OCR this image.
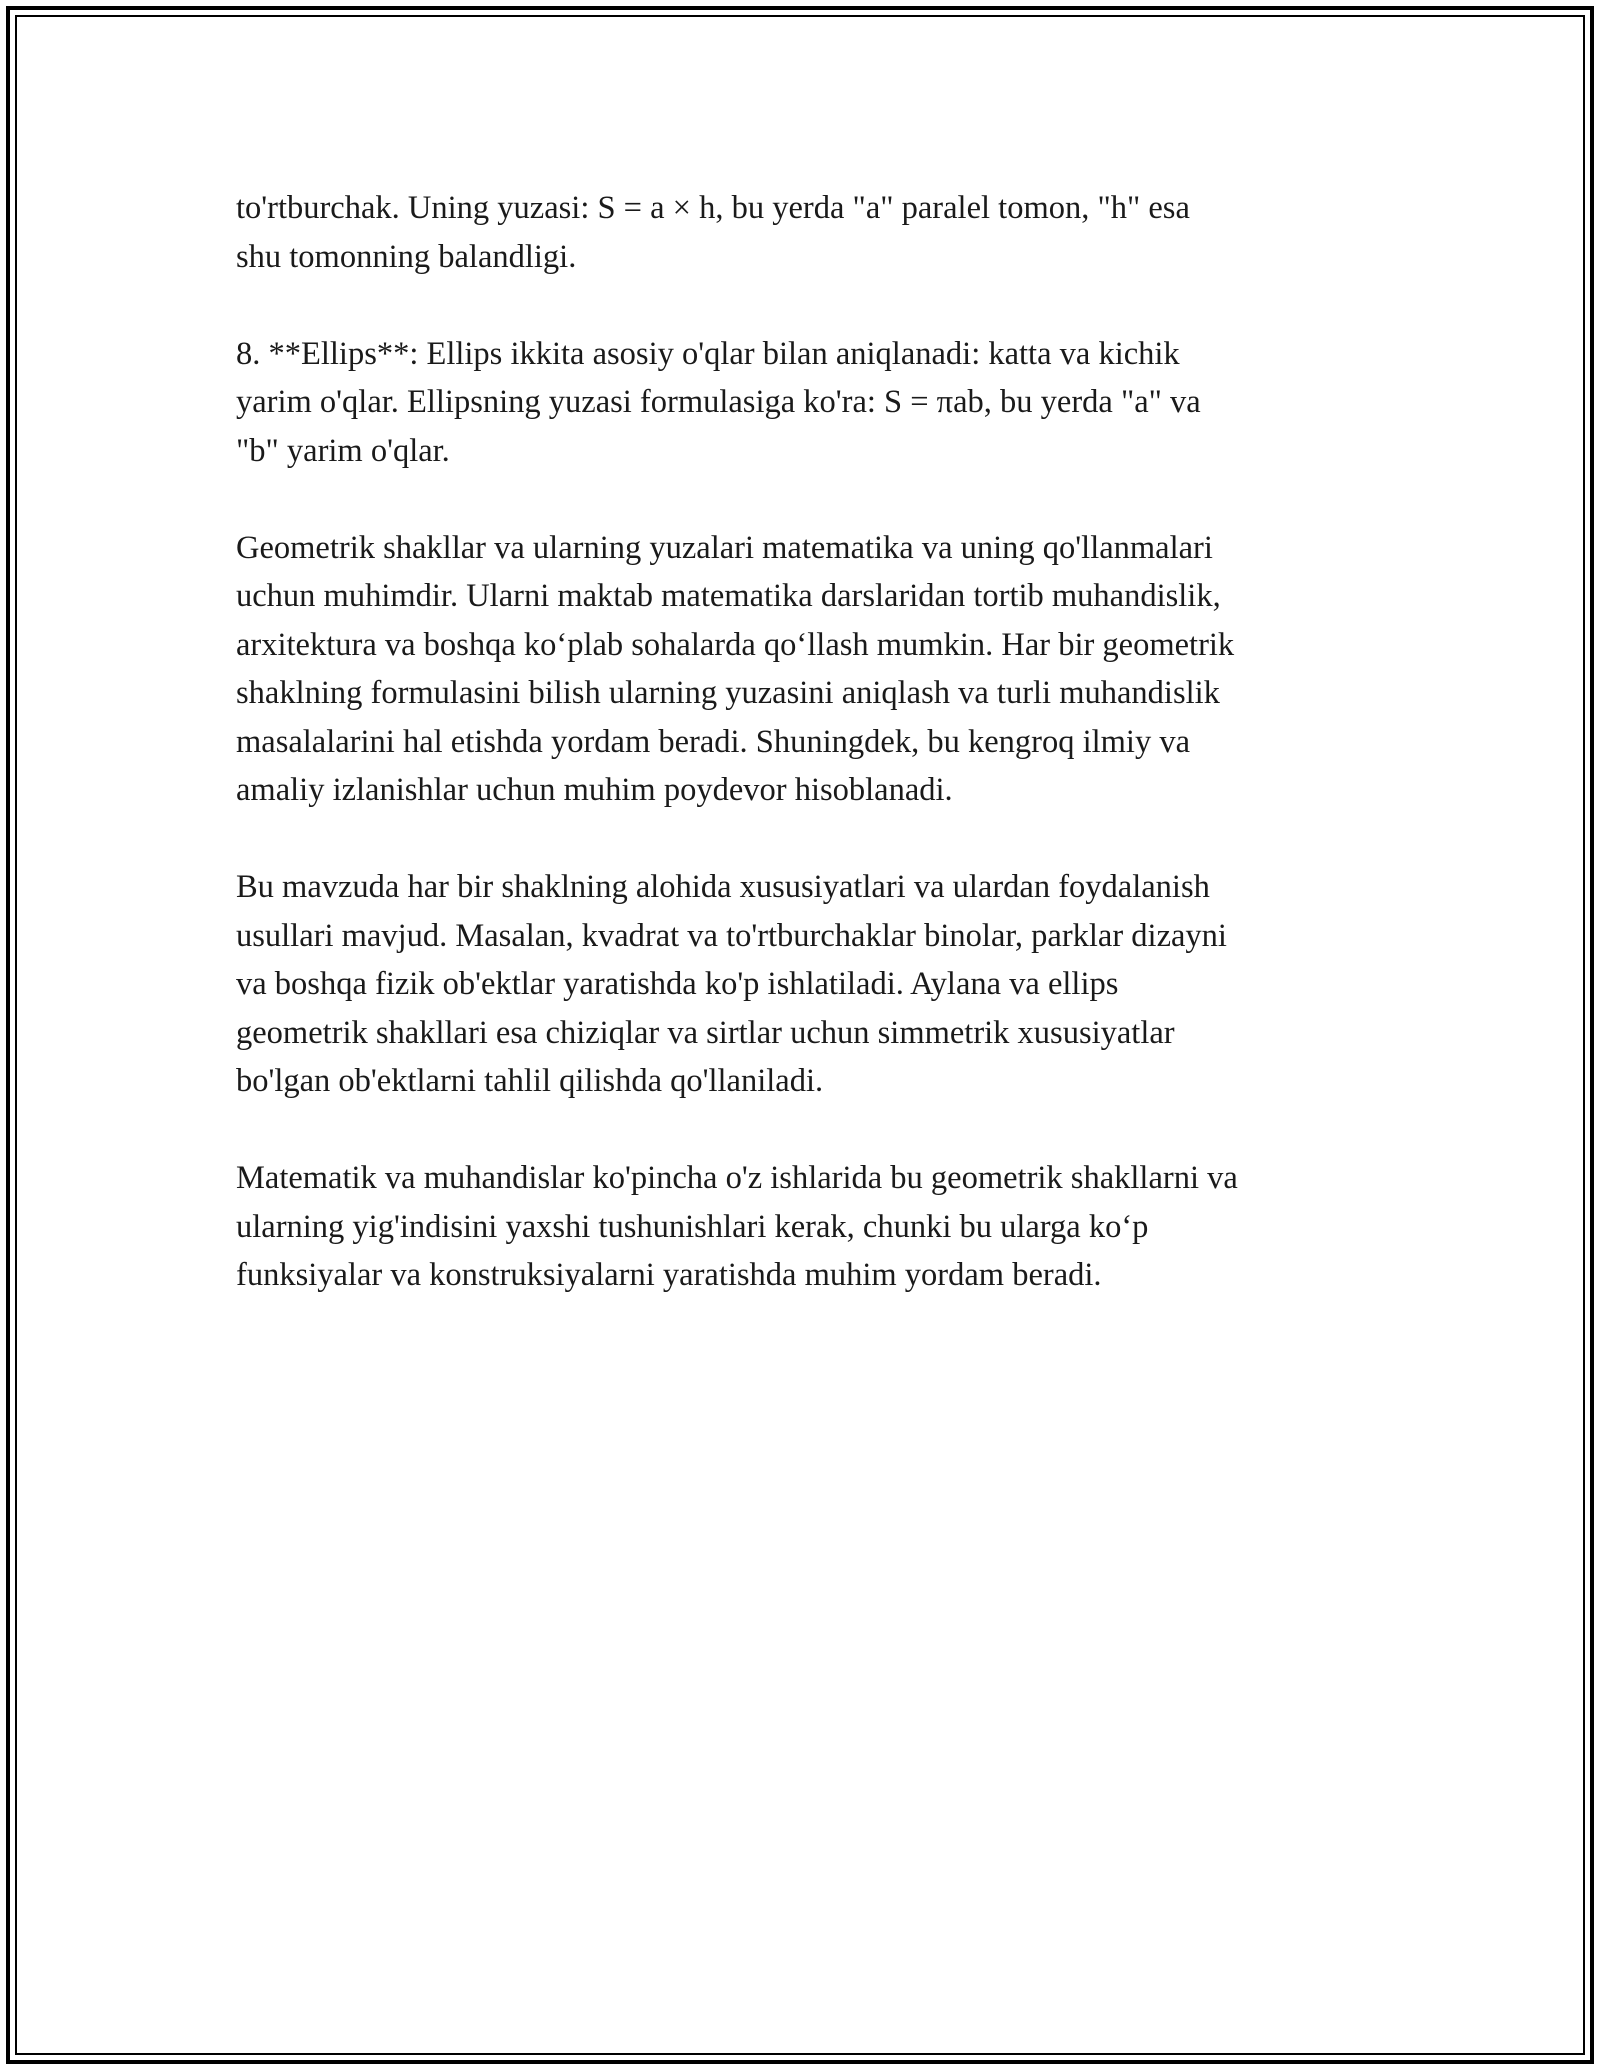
to'rtburchak. Uning yuzasi: S = a × h, bu yerda "a" paralel tomon, "h" esa
shu tomonning balandligi.

8. **Ellips**: Ellips ikkita asosiy o'qlar bilan aniqlanadi: katta va kichik
yarim o'qlar. Ellipsning yuzasi formulasiga ko'ra: S = πab, bu yerda "a" va
"b" yarim o'qlar.

Geometrik shakllar va ularning yuzalari matematika va uning qo'llanmalari
uchun muhimdir. Ularni maktab matematika darslaridan tortib muhandislik,
arxitektura va boshqa ko‘plab sohalarda qo‘llash mumkin. Har bir geometrik
shaklning formulasini bilish ularning yuzasini aniqlash va turli muhandislik
masalalarini hal etishda yordam beradi. Shuningdek, bu kengroq ilmiy va
amaliy izlanishlar uchun muhim poydevor hisoblanadi.

Bu mavzuda har bir shaklning alohida xususiyatlari va ulardan foydalanish
usullari mavjud. Masalan, kvadrat va to'rtburchaklar binolar, parklar dizayni
va boshqa fizik ob'ektlar yaratishda ko'p ishlatiladi. Aylana va ellips
geometrik shakllari esa chiziqlar va sirtlar uchun simmetrik xususiyatlar
bo'lgan ob'ektlarni tahlil qilishda qo'llaniladi.

Matematik va muhandislar ko'pincha o'z ishlarida bu geometrik shakllarni va
ularning yig'indisini yaxshi tushunishlari kerak, chunki bu ularga ko‘p
funksiyalar va konstruksiyalarni yaratishda muhim yordam beradi.
